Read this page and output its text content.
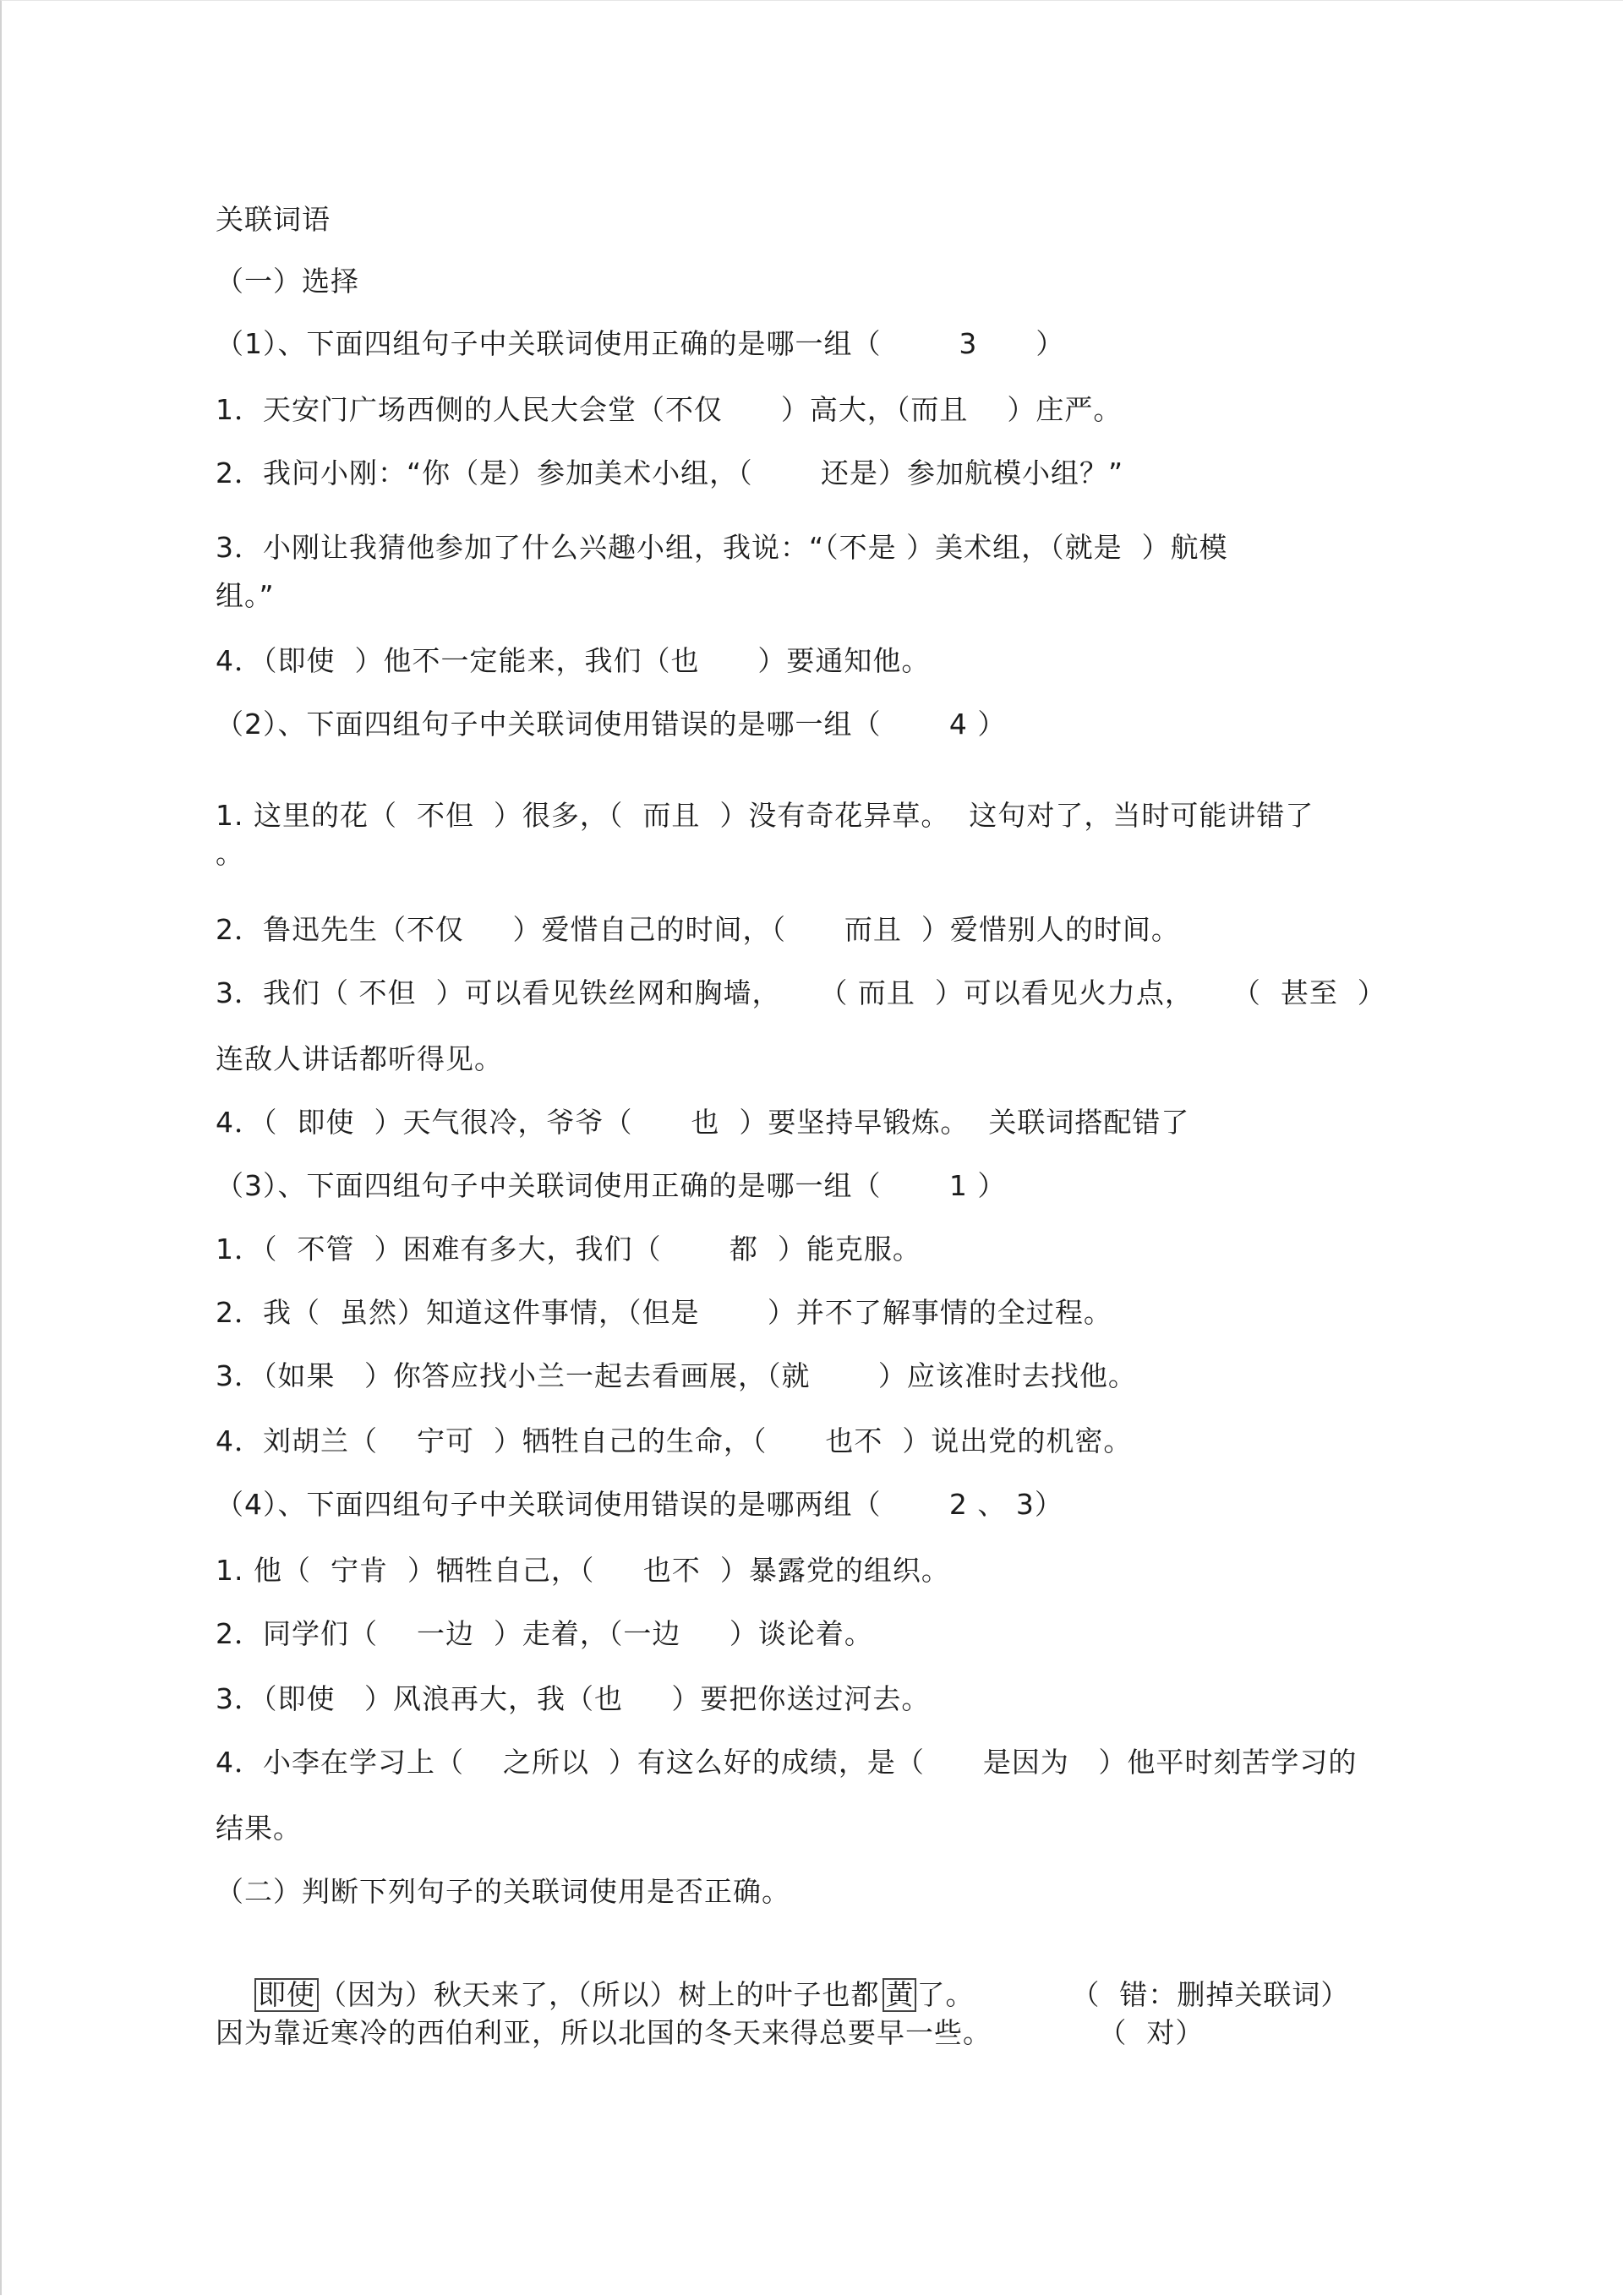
关联词语
（一）选择
（1）、下面四组句子中关联词使用正确的是哪一组（        3      ）
1．天安门广场西侧的人民大会堂（不仅      ）高大，（而且    ）庄严。
2．我问小刚：“你（是）参加美术小组，（       还是）参加航模小组？”
3．小刚让我猜他参加了什么兴趣小组，我说：“（不是 ）美术组，（就是  ）航模
组。”
4．（即使  ）他不一定能来，我们（也      ）要通知他。
（2）、下面四组句子中关联词使用错误的是哪一组（       4 ）
1. 这里的花（  不但  ）很多，（  而且  ）没有奇花异草。  这句对了，当时可能讲错了
。
2．鲁迅先生（不仅     ）爱惜自己的时间，（      而且  ）爱惜别人的时间。
3．我们（ 不但  ）可以看见铁丝网和胸墙，    （ 而且  ）可以看见火力点，    （  甚至  ）
连敌人讲话都听得见。
4．（  即使  ）天气很冷，爷爷（      也  ）要坚持早锻炼。  关联词搭配错了
（3）、下面四组句子中关联词使用正确的是哪一组（       1 ）
1．（  不管  ）困难有多大，我们（       都  ）能克服。
2．我（  虽然）知道这件事情，（但是       ）并不了解事情的全过程。
3．（如果   ）你答应找小兰一起去看画展，（就       ）应该准时去找他。
4．刘胡兰（    宁可  ）牺牲自己的生命，（      也不  ）说出党的机密。
（4）、下面四组句子中关联词使用错误的是哪两组（       2 、 3）
1. 他（  宁肯  ）牺牲自己，（     也不  ）暴露党的组织。
2．同学们（    一边  ）走着，（一边     ）谈论着。
3．（即使   ）风浪再大，我（也     ）要把你送过河去。
4．小李在学习上（    之所以  ）有这么好的成绩，是（      是因为   ）他平时刻苦学习的
结果。
（二）判断下列句子的关联词使用是否正确。

即使 （因为）秋天来了，（所以）树上的叶子也都 黄了。          （  错：删掉关联词）

因为靠近寒冷的西伯利亚，所以北国的冬天来得总要早一些。           （  对）
